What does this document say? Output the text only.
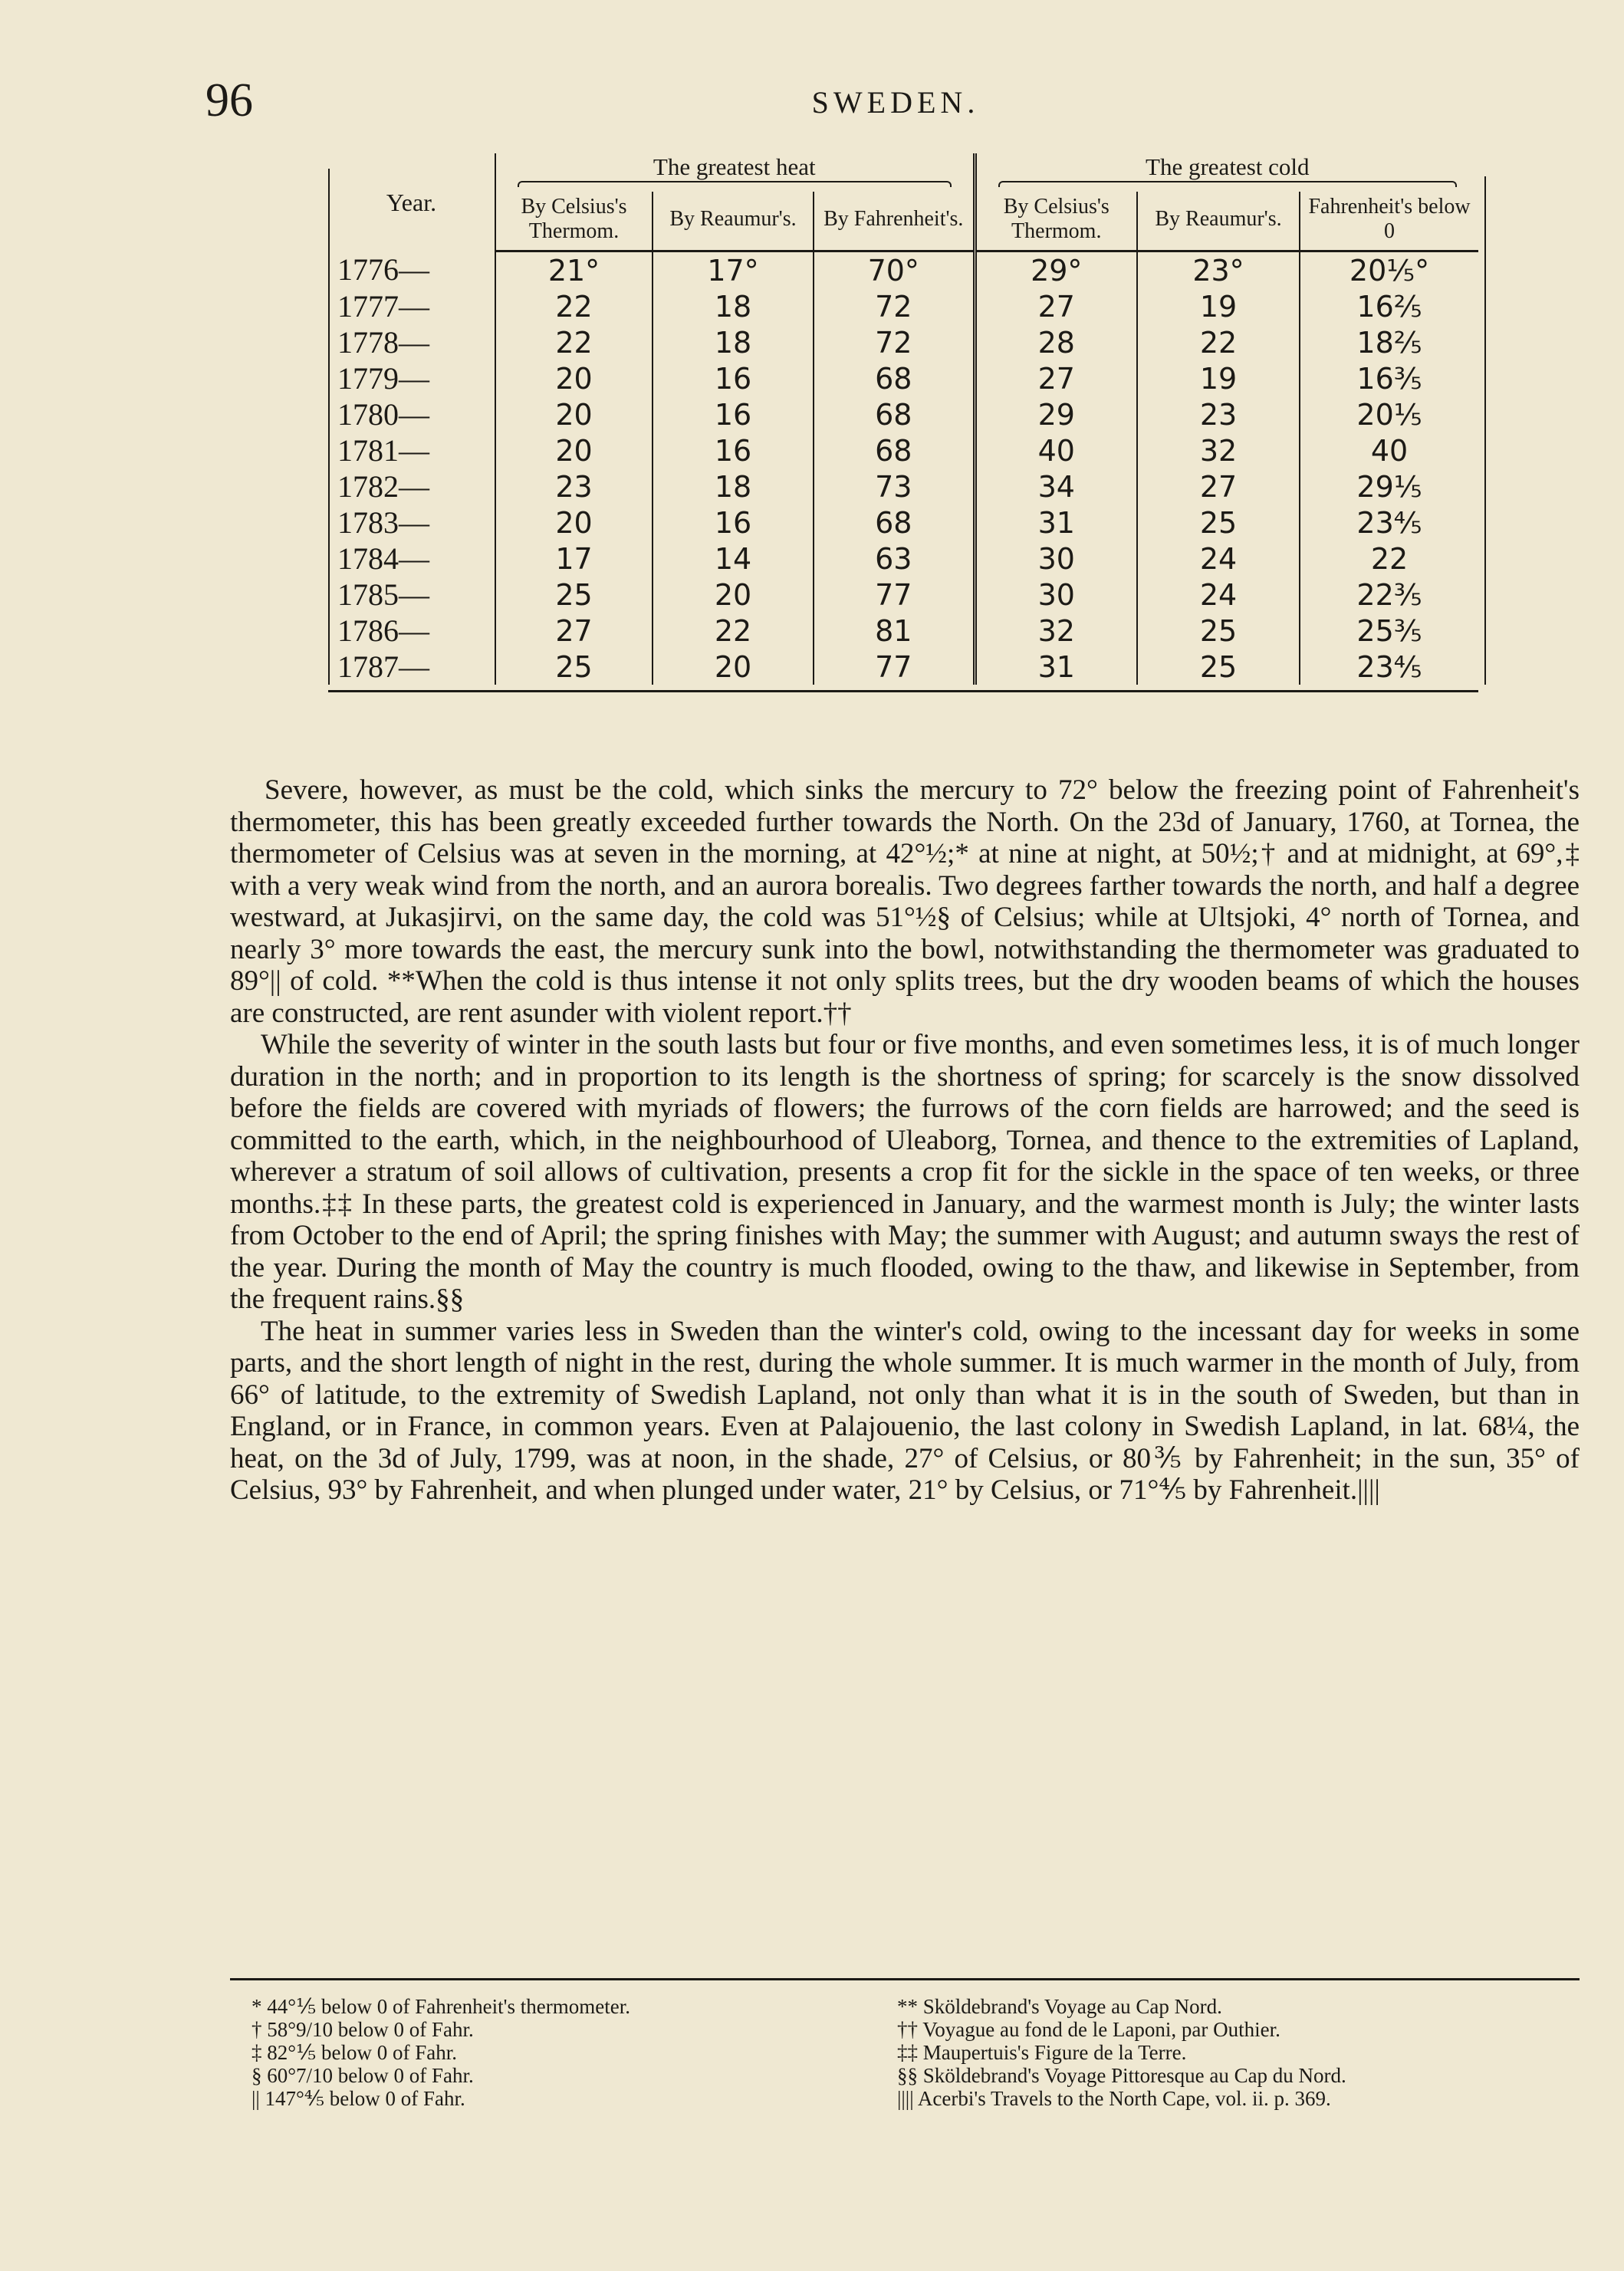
96	SWEDEN.
Year.	The greatest heat			The greatest cold		
	By Celsius's Thermom.	By Reaumur's.	By Fahrenheit's.	By Celsius's Thermom.	By Reaumur's.	Fahrenheit's below 0
1776—	21°	17°	70°	29°	23°	20⅕°
1777—	22	18	72	27	19	16⅖
1778—	22	18	72	28	22	18⅖
1779—	20	16	68	27	19	16⅗
1780—	20	16	68	29	23	20⅕
1781—	20	16	68	40	32	40
1782—	23	18	73	34	27	29⅕
1783—	20	16	68	31	25	23⅘
1784—	17	14	63	30	24	22
1785—	25	20	77	30	24	22⅗
1786—	27	22	81	32	25	25⅗
1787—	25	20	77	31	25	23⅘

Severe, however, as must be the cold, which sinks the mercury to 72° below the freezing point of Fahrenheit's thermometer, this has been greatly exceeded further towards the North. On the 23d of January, 1760, at Tornea, the thermometer of Celsius was at seven in the morning, at 42°½;* at nine at night, at 50½;† and at midnight, at 69°,‡ with a very weak wind from the north, and an aurora borealis. Two degrees farther towards the north, and half a degree westward, at Jukasjirvi, on the same day, the cold was 51°½§ of Celsius; while at Ultsjoki, 4° north of Tornea, and nearly 3° more towards the east, the mercury sunk into the bowl, notwithstanding the thermometer was graduated to 89°|| of cold. **When the cold is thus intense it not only splits trees, but the dry wooden beams of which the houses are constructed, are rent asunder with violent report.††

While the severity of winter in the south lasts but four or five months, and even sometimes less, it is of much longer duration in the north; and in proportion to its length is the shortness of spring; for scarcely is the snow dissolved before the fields are covered with myriads of flowers; the furrows of the corn fields are harrowed; and the seed is committed to the earth, which, in the neighbourhood of Uleaborg, Tornea, and thence to the extremities of Lapland, wherever a stratum of soil allows of cultivation, presents a crop fit for the sickle in the space of ten weeks, or three months.‡‡ In these parts, the greatest cold is experienced in January, and the warmest month is July; the winter lasts from October to the end of April; the spring finishes with May; the summer with August; and autumn sways the rest of the year. During the month of May the country is much flooded, owing to the thaw, and likewise in September, from the frequent rains.§§

The heat in summer varies less in Sweden than the winter's cold, owing to the incessant day for weeks in some parts, and the short length of night in the rest, during the whole summer. It is much warmer in the month of July, from 66° of latitude, to the extremity of Swedish Lapland, not only than what it is in the south of Sweden, but than in England, or in France, in common years. Even at Palajouenio, the last colony in Swedish Lapland, in lat. 68¼, the heat, on the 3d of July, 1799, was at noon, in the shade, 27° of Celsius, or 80⅗ by Fahrenheit; in the sun, 35° of Celsius, 93° by Fahrenheit, and when plunged under water, 21° by Celsius, or 71°⅘ by Fahrenheit.||||

* 44°⅕ below 0 of Fahrenheit's thermometer.
† 58°9/10 below 0 of Fahr.
‡ 82°⅕ below 0 of Fahr.
§ 60°7/10 below 0 of Fahr.
|| 147°⅘ below 0 of Fahr.
** Sköldebrand's Voyage au Cap Nord.
†† Voyague au fond de le Laponi, par Outhier.
‡‡ Maupertuis's Figure de la Terre.
§§ Sköldebrand's Voyage Pittoresque au Cap du Nord.
|||| Acerbi's Travels to the North Cape, vol. ii. p. 369.
